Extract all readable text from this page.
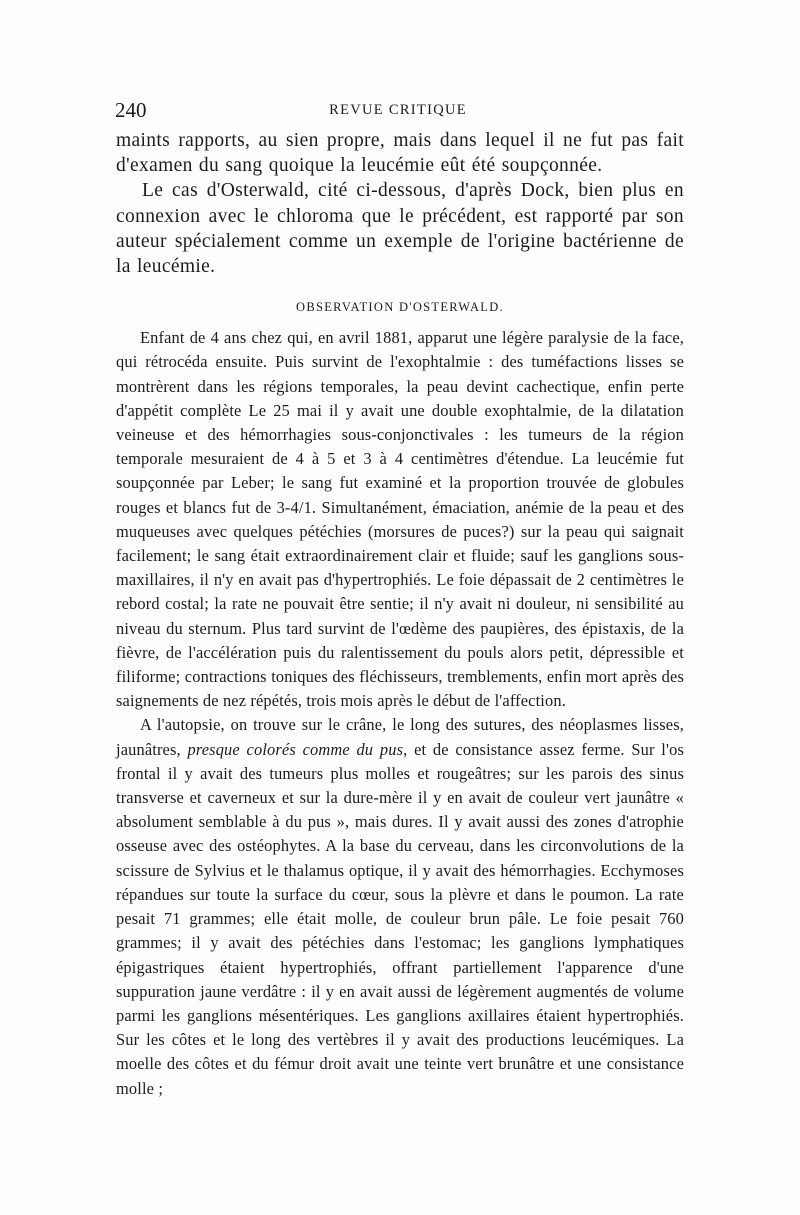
240	REVUE CRITIQUE

maints rapports, au sien propre, mais dans lequel il ne fut pas fait d'examen du sang quoique la leucémie eût été soupçonnée.

Le cas d'Osterwald, cité ci-dessous, d'après Dock, bien plus en connexion avec le chloroma que le précédent, est rapporté par son auteur spécialement comme un exemple de l'origine bactérienne de la leucémie.

OBSERVATION D'OSTERWALD.

Enfant de 4 ans chez qui, en avril 1881, apparut une légère paralysie de la face, qui rétrocéda ensuite. Puis survint de l'exophtalmie : des tuméfactions lisses se montrèrent dans les régions temporales, la peau devint cachectique, enfin perte d'appétit complète Le 25 mai il y avait une double exophtalmie, de la dilatation veineuse et des hémorrhagies sous-conjonctivales : les tumeurs de la région temporale mesuraient de 4 à 5 et 3 à 4 centimètres d'étendue. La leucémie fut soupçonnée par Leber; le sang fut examiné et la proportion trouvée de globules rouges et blancs fut de 3-4/1. Simultanément, émaciation, anémie de la peau et des muqueuses avec quelques pétéchies (morsures de puces?) sur la peau qui saignait facilement; le sang était extraordinairement clair et fluide; sauf les ganglions sous-maxillaires, il n'y en avait pas d'hypertrophiés. Le foie dépassait de 2 centimètres le rebord costal; la rate ne pouvait être sentie; il n'y avait ni douleur, ni sensibilité au niveau du sternum. Plus tard survint de l'œdème des paupières, des épistaxis, de la fièvre, de l'accélération puis du ralentissement du pouls alors petit, dépressible et filiforme; contractions toniques des fléchisseurs, tremblements, enfin mort après des saignements de nez répétés, trois mois après le début de l'affection.

A l'autopsie, on trouve sur le crâne, le long des sutures, des néoplasmes lisses, jaunâtres, presque colorés comme du pus, et de consistance assez ferme. Sur l'os frontal il y avait des tumeurs plus molles et rougeâtres; sur les parois des sinus transverse et caverneux et sur la dure-mère il y en avait de couleur vert jaunâtre « absolument semblable à du pus », mais dures. Il y avait aussi des zones d'atrophie osseuse avec des ostéophytes. A la base du cerveau, dans les circonvolutions de la scissure de Sylvius et le thalamus optique, il y avait des hémorrhagies. Ecchymoses répandues sur toute la surface du cœur, sous la plèvre et dans le poumon. La rate pesait 71 grammes; elle était molle, de couleur brun pâle. Le foie pesait 760 grammes; il y avait des pétéchies dans l'estomac; les ganglions lymphatiques épigastriques étaient hypertrophiés, offrant partiellement l'apparence d'une suppuration jaune verdâtre : il y en avait aussi de légèrement augmentés de volume parmi les ganglions mésentériques. Les ganglions axillaires étaient hypertrophiés. Sur les côtes et le long des vertèbres il y avait des productions leucémiques. La moelle des côtes et du fémur droit avait une teinte vert brunâtre et une consistance molle ;
